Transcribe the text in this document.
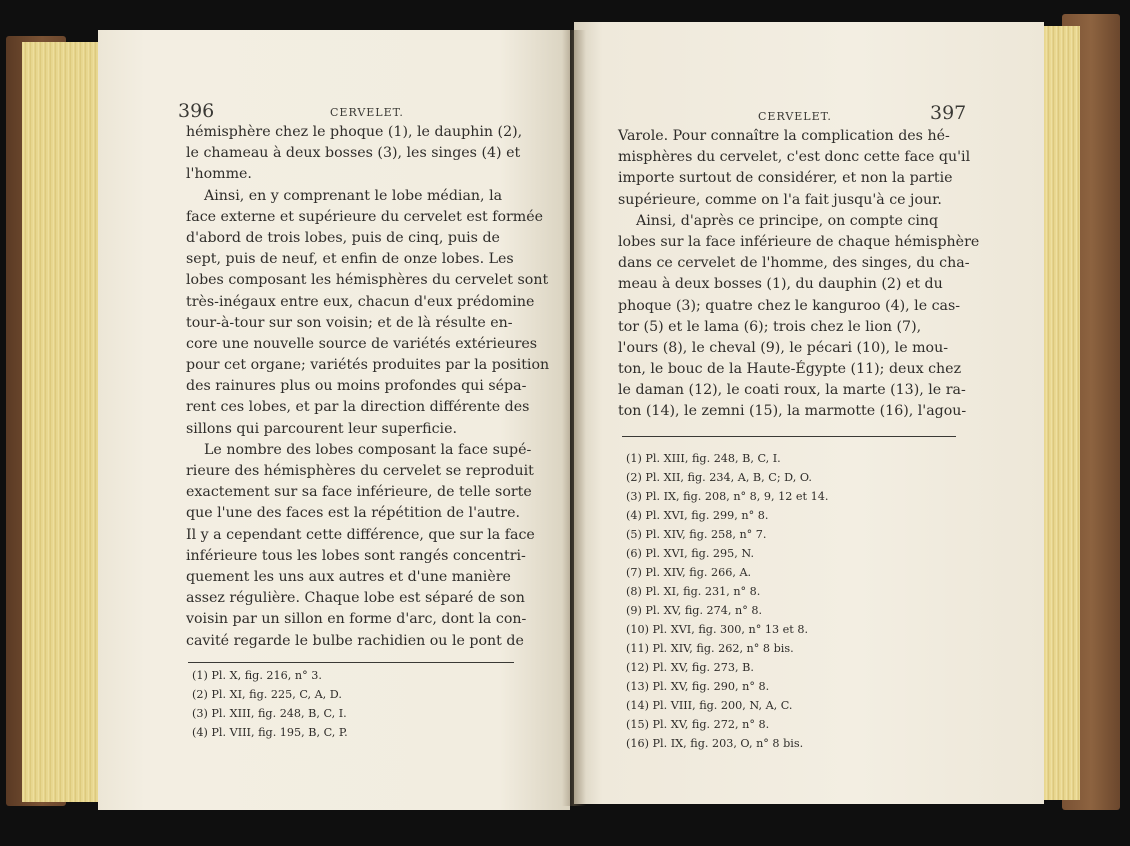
396	CERVELET.
hémisphère chez le phoque (1), le dauphin (2),
le chameau à deux bosses (3), les singes (4) et
l'homme.
Ainsi, en y comprenant le lobe médian, la
face externe et supérieure du cervelet est formée
d'abord de trois lobes, puis de cinq, puis de
sept, puis de neuf, et enfin de onze lobes. Les
lobes composant les hémisphères du cervelet sont
très-inégaux entre eux, chacun d'eux prédomine
tour-à-tour sur son voisin; et de là résulte en-
core une nouvelle source de variétés extérieures
pour cet organe; variétés produites par la position
des rainures plus ou moins profondes qui sépa-
rent ces lobes, et par la direction différente des
sillons qui parcourent leur superficie.
Le nombre des lobes composant la face supé-
rieure des hémisphères du cervelet se reproduit
exactement sur sa face inférieure, de telle sorte
que l'une des faces est la répétition de l'autre.
Il y a cependant cette différence, que sur la face
inférieure tous les lobes sont rangés concentri-
quement les uns aux autres et d'une manière
assez régulière. Chaque lobe est séparé de son
voisin par un sillon en forme d'arc, dont la con-
cavité regarde le bulbe rachidien ou le pont de
(1) Pl. X, fig. 216, n° 3.
(2) Pl. XI, fig. 225, C, A, D.
(3) Pl. XIII, fig. 248, B, C, I.
(4) Pl. VIII, fig. 195, B, C, P.
CERVELET.	397
Varole. Pour connaître la complication des hé-
misphères du cervelet, c'est donc cette face qu'il
importe surtout de considérer, et non la partie
supérieure, comme on l'a fait jusqu'à ce jour.
Ainsi, d'après ce principe, on compte cinq
lobes sur la face inférieure de chaque hémisphère
dans ce cervelet de l'homme, des singes, du cha-
meau à deux bosses (1), du dauphin (2) et du
phoque (3); quatre chez le kanguroo (4), le cas-
tor (5) et le lama (6); trois chez le lion (7),
l'ours (8), le cheval (9), le pécari (10), le mou-
ton, le bouc de la Haute-Égypte (11); deux chez
le daman (12), le coati roux, la marte (13), le ra-
ton (14), le zemni (15), la marmotte (16), l'agou-
(1) Pl. XIII, fig. 248, B, C, I.
(2) Pl. XII, fig. 234, A, B, C; D, O.
(3) Pl. IX, fig. 208, n° 8, 9, 12 et 14.
(4) Pl. XVI, fig. 299, n° 8.
(5) Pl. XIV, fig. 258, n° 7.
(6) Pl. XVI, fig. 295, N.
(7) Pl. XIV, fig. 266, A.
(8) Pl. XI, fig. 231, n° 8.
(9) Pl. XV, fig. 274, n° 8.
(10) Pl. XVI, fig. 300, n° 13 et 8.
(11) Pl. XIV, fig. 262, n° 8 bis.
(12) Pl. XV, fig. 273, B.
(13) Pl. XV, fig. 290, n° 8.
(14) Pl. VIII, fig. 200, N, A, C.
(15) Pl. XV, fig. 272, n° 8.
(16) Pl. IX, fig. 203, O, n° 8 bis.
